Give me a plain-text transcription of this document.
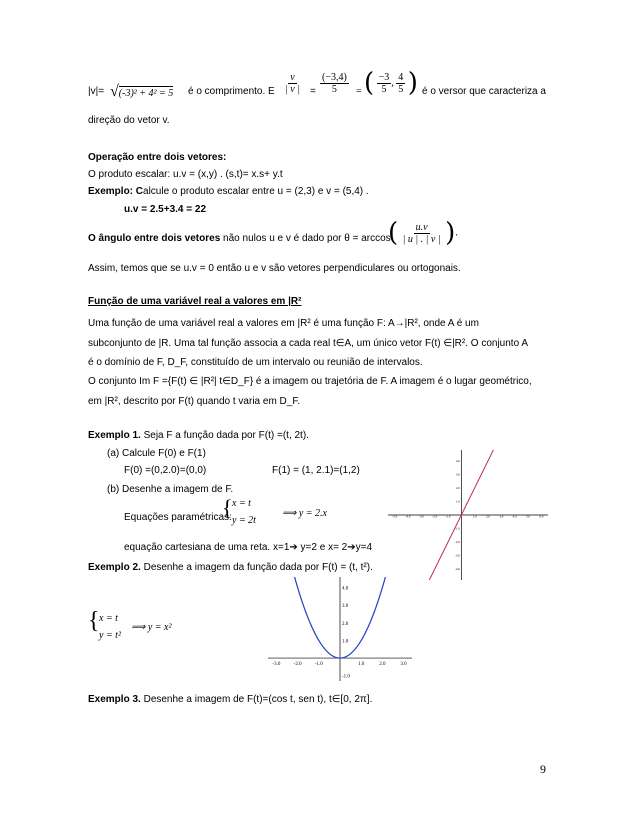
|v|= √(-3)² + 4² = 5 é o comprimento. E $\frac{v}{| v |} = \frac{(-3,4)}{5}$ = ( $\frac{-3}{5}$ , $\frac{4}{5}$ ) é o versor que caracteriza a
direção do vetor v.
Operação entre dois vetores:
O produto escalar: u.v = (x,y) . (s,t)= x.s+ y.t
Exemplo: Calcule o produto escalar entre u = (2,3) e v = (5,4) .
u.v = 2.5+3.4 = 22
O ângulo entre dois vetores não nulos u e v é dado por θ = arccos
( $\frac{u.v}{| u | . | v |}$ ).
Assim, temos que se u.v = 0 então u e v são vetores perpendiculares ou ortogonais.
Função de uma variável real a valores em |R²
Uma função de uma variável real a valores em |R² é uma função F: A→|R², onde A é um
subconjunto de |R. Uma tal função associa a cada real t∈A, um único vetor F(t) ∈|R². O conjunto A
é o domínio de F, D_F, constituído de um intervalo ou reunião de intervalos.
O conjunto Im F ={F(t) ∈ |R²| t∈D_F} é a imagem ou trajetória de F. A imagem é o lugar geométrico,
em |R², descrito por F(t) quando t varia em D_F.
Exemplo 1. Seja F a função dada por F(t) =(t, 2t).
(a) Calcule F(0) e F(1)
F(0) =(0,2.0)=(0,0)	F(1) = (1, 2.1)=(1,2)
(b) Desenhe a imagem de F.
Equações paramétricas:
{ x = t
y = 2t
⟹ y = 2.x
equação cartesiana de uma reta. x=1➔ y=2 e x= 2➔y=4
-5.0	-4.0	-3.0	-2.0	-1.0	1.0	2.0	3.0	4.0	5.0	6.0
4.0
3.0
2.0
1.0
-1.0
-2.0
-3.0
-4.0
Exemplo 2. Desenhe a imagem da função dada por F(t) = (t, t²).
{ x = t
y = t²
⟹ y = x²
-3.0	-2.0	-1.0	1.0	2.0	3.0
4.0
3.0
2.0
1.0
-1.0
Exemplo 3. Desenhe a imagem de F(t)=(cos t, sen t), t∈[0, 2π].
9
